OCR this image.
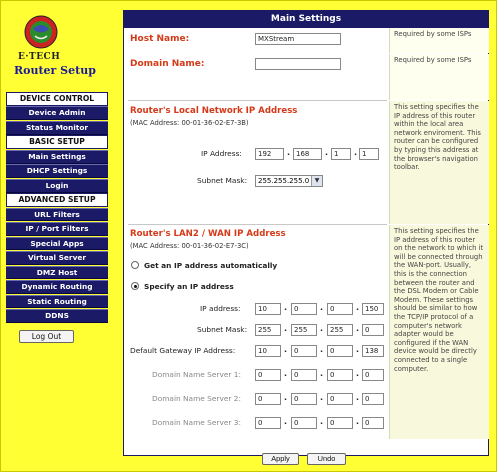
E·TECH
Router Setup
DEVICE CONTROL
Device Admin
Status Monitor
BASIC SETUP
Main Settings
DHCP Settings
Login
ADVANCED SETUP
URL Filters
IP / Port Filters
Special Apps
Virtual Server
DMZ Host
Dynamic Routing
Static Routing
DDNS
Log Out
Main Settings
Host Name:	MXStream
Domain Name:
Router's Local Network IP Address
(MAC Address: 00-01-36-02-E7-3B)
IP Address:	192	. 168	. 1	. 1
Subnet Mask:	255.255.255.0 ▼
Router's LAN2 / WAN IP Address
(MAC Address: 00-01-36-02-E7-3C)
Get an IP address automatically
Specify an IP address
IP address:	10	. 0	. 0	. 150
Subnet Mask:	255	. 255	. 255	. 0
Default Gateway IP Address:	10	. 0	. 0	. 138
Domain Name Server 1:	0	. 0	. 0	. 0
Domain Name Server 2:	0	. 0	. 0	. 0
Domain Name Server 3:	0	. 0	. 0	. 0
Required by some ISPs
Required by some ISPs
This setting specifies the IP address of this router within the local area network enviroment. This router can be configured by typing this address at the browser's navigation toolbar.
This setting specifies the IP address of this router on the network to which it will be connected through the WAN-port. Usually, this is the connection between the router and the DSL Modem or Cable Modem. These settings should be similar to how the TCP/IP protocol of a computer's network adapter would be configured if the WAN device would be directly connected to a single computer.
Apply	Undo
